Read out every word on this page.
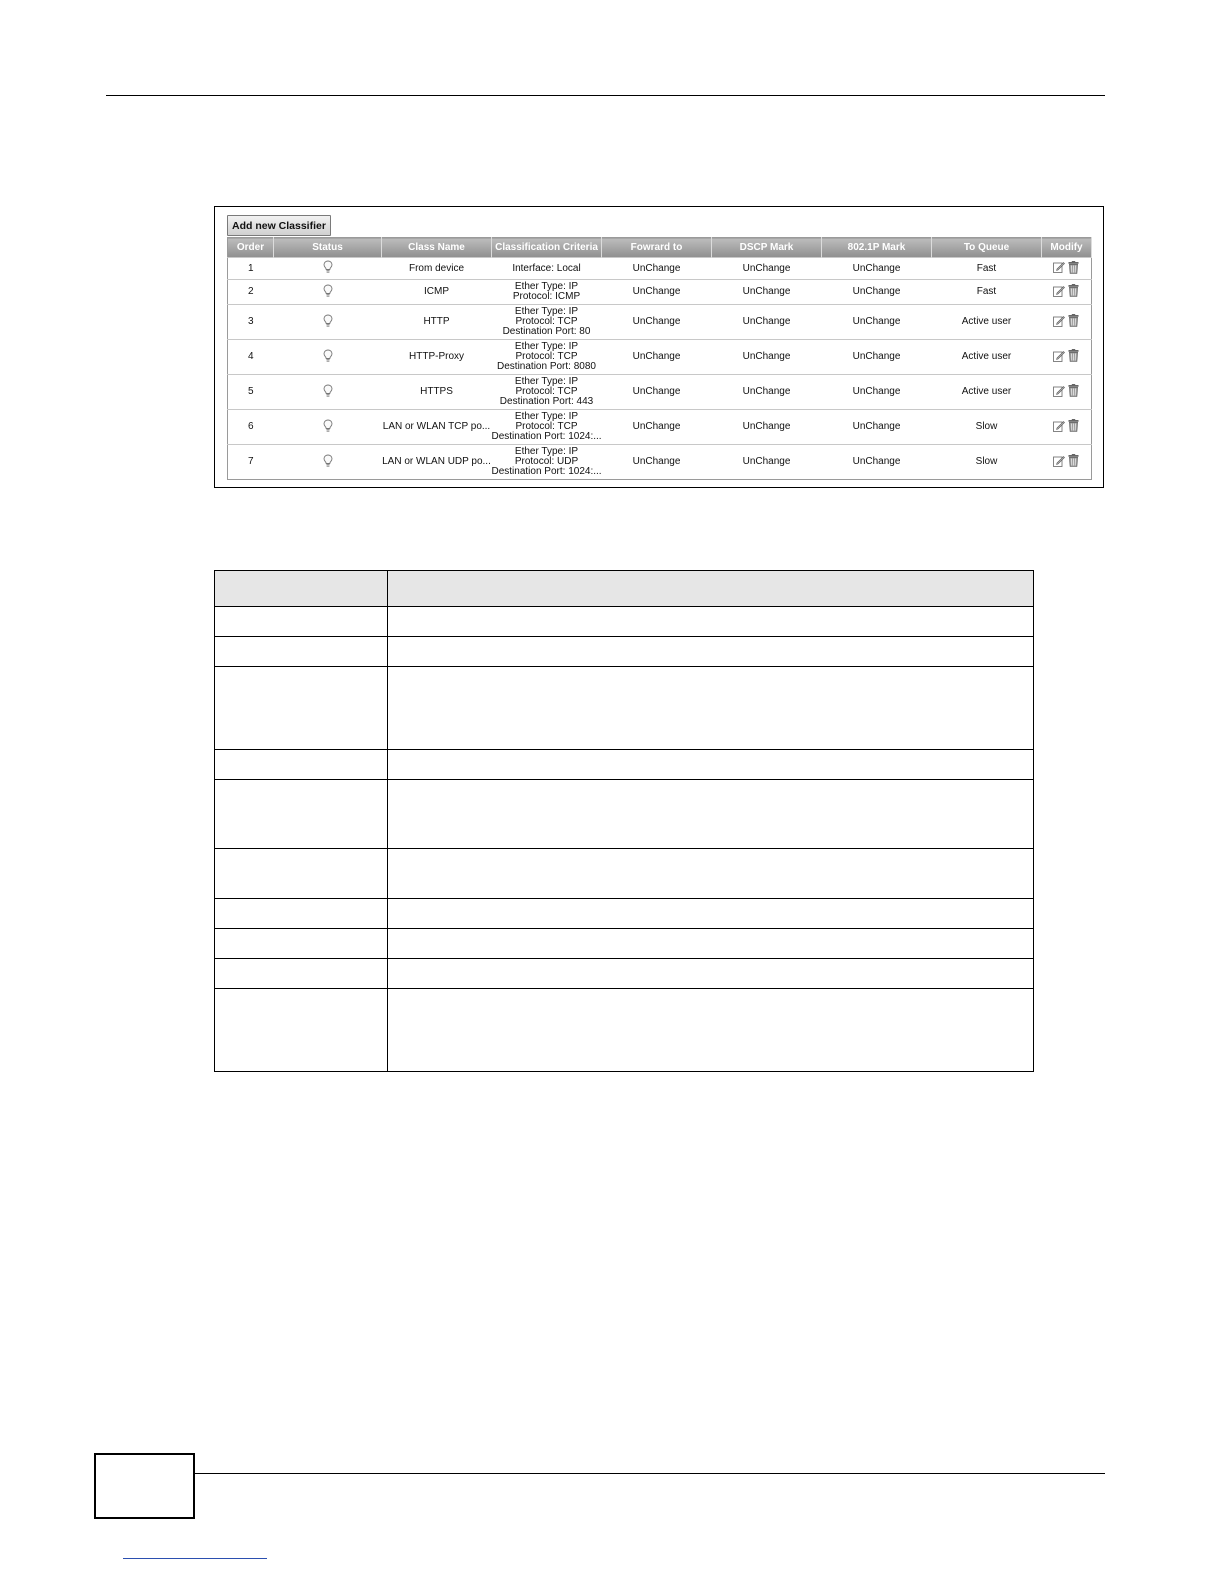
Add new Classifier
Order	Status	Class Name	Classification Criteria	Fowrard to	DSCP Mark	802.1P Mark	To Queue	Modify
1		From device	Interface: Local	UnChange	UnChange	UnChange	Fast	

2		ICMP	Ether Type: IP
Protocol: ICMP	UnChange	UnChange	UnChange	Fast	

3		HTTP	Ether Type: IP
Protocol: TCP
Destination Port: 80	UnChange	UnChange	UnChange	Active user	

4		HTTP-Proxy	Ether Type: IP
Protocol: TCP
Destination Port: 8080	UnChange	UnChange	UnChange	Active user	

5		HTTPS	Ether Type: IP
Protocol: TCP
Destination Port: 443	UnChange	UnChange	UnChange	Active user	

6		LAN or WLAN TCP po...	Ether Type: IP
Protocol: TCP
Destination Port: 1024:...	UnChange	UnChange	UnChange	Slow	

7		LAN or WLAN UDP po...	Ether Type: IP
Protocol: UDP
Destination Port: 1024:...	UnChange	UnChange	UnChange	Slow	
